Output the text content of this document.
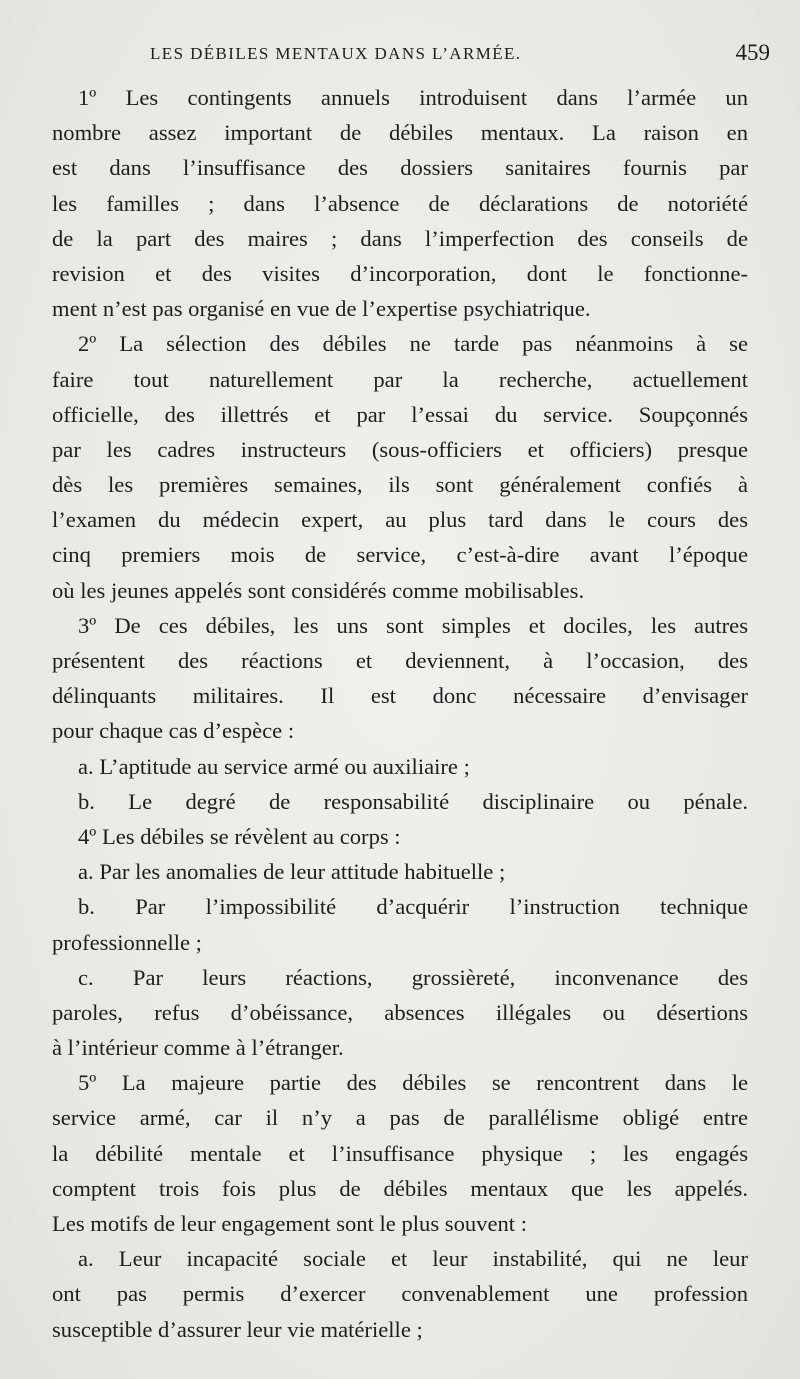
LES DÉBILES MENTAUX DANS L’ARMÉE.	459
1º Les contingents annuels introduisent dans l’armée un
nombre assez important de débiles mentaux. La raison en
est dans l’insuffisance des dossiers sanitaires fournis par
les familles ; dans l’absence de déclarations de notoriété
de la part des maires ; dans l’imperfection des conseils de
revision et des visites d’incorporation, dont le fonctionne-
ment n’est pas organisé en vue de l’expertise psychiatrique.
2º La sélection des débiles ne tarde pas néanmoins à se
faire tout naturellement par la recherche, actuellement
officielle, des illettrés et par l’essai du service. Soupçonnés
par les cadres instructeurs (sous-officiers et officiers) presque
dès les premières semaines, ils sont généralement confiés à
l’examen du médecin expert, au plus tard dans le cours des
cinq premiers mois de service, c’est-à-dire avant l’époque
où les jeunes appelés sont considérés comme mobilisables.
3º De ces débiles, les uns sont simples et dociles, les autres
présentent des réactions et deviennent, à l’occasion, des
délinquants militaires. Il est donc nécessaire d’envisager
pour chaque cas d’espèce :
a. L’aptitude au service armé ou auxiliaire ;
b. Le degré de responsabilité disciplinaire ou pénale.
4º Les débiles se révèlent au corps :
a. Par les anomalies de leur attitude habituelle ;
b. Par l’impossibilité d’acquérir l’instruction technique
professionnelle ;
c. Par leurs réactions, grossièreté, inconvenance des
paroles, refus d’obéissance, absences illégales ou désertions
à l’intérieur comme à l’étranger.
5º La majeure partie des débiles se rencontrent dans le
service armé, car il n’y a pas de parallélisme obligé entre
la débilité mentale et l’insuffisance physique ; les engagés
comptent trois fois plus de débiles mentaux que les appelés.
Les motifs de leur engagement sont le plus souvent :
a. Leur incapacité sociale et leur instabilité, qui ne leur
ont pas permis d’exercer convenablement une profession
susceptible d’assurer leur vie matérielle ;
